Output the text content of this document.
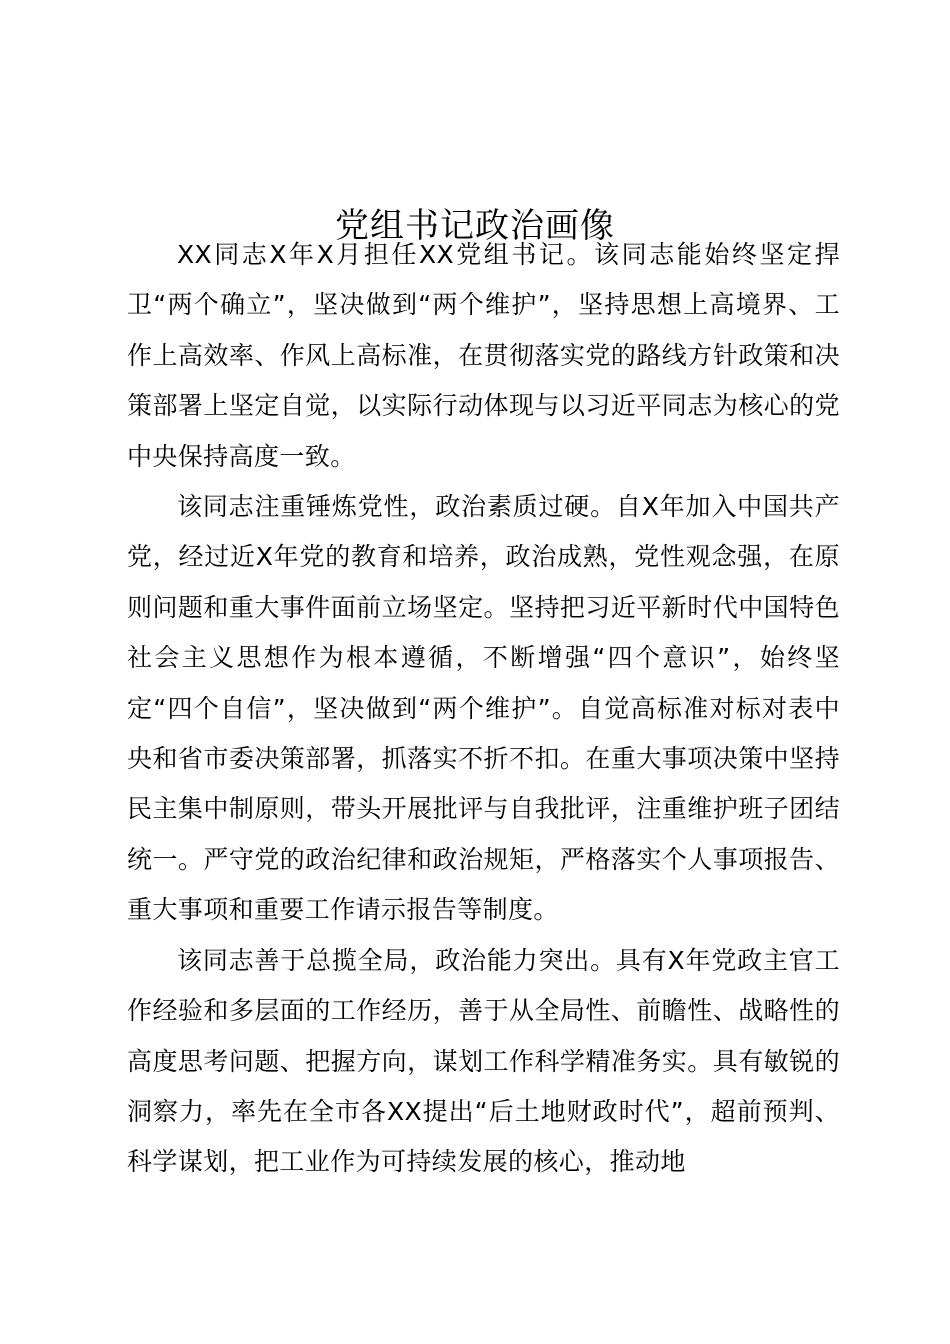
党组书记政治画像

XX同志X年X月担任XX党组书记。该同志能始终坚定捍卫“两个确立”，坚决做到“两个维护”，坚持思想上高境界、工作上高效率、作风上高标准，在贯彻落实党的路线方针政策和决策部署上坚定自觉，以实际行动体现与以习近平同志为核心的党中央保持高度一致。

该同志注重锤炼党性，政治素质过硬。自X年加入中国共产党，经过近X年党的教育和培养，政治成熟，党性观念强，在原则问题和重大事件面前立场坚定。坚持把习近平新时代中国特色社会主义思想作为根本遵循，不断增强“四个意识”，始终坚定“四个自信”，坚决做到“两个维护”。自觉高标准对标对表中央和省市委决策部署，抓落实不折不扣。在重大事项决策中坚持民主集中制原则，带头开展批评与自我批评，注重维护班子团结统一。严守党的政治纪律和政治规矩，严格落实个人事项报告、重大事项和重要工作请示报告等制度。

该同志善于总揽全局，政治能力突出。具有X年党政主官工作经验和多层面的工作经历，善于从全局性、前瞻性、战略性的高度思考问题、把握方向，谋划工作科学精准务实。具有敏锐的洞察力，率先在全市各XX提出“后土地财政时代”，超前预判、科学谋划，把工业作为可持续发展的核心，推动地
